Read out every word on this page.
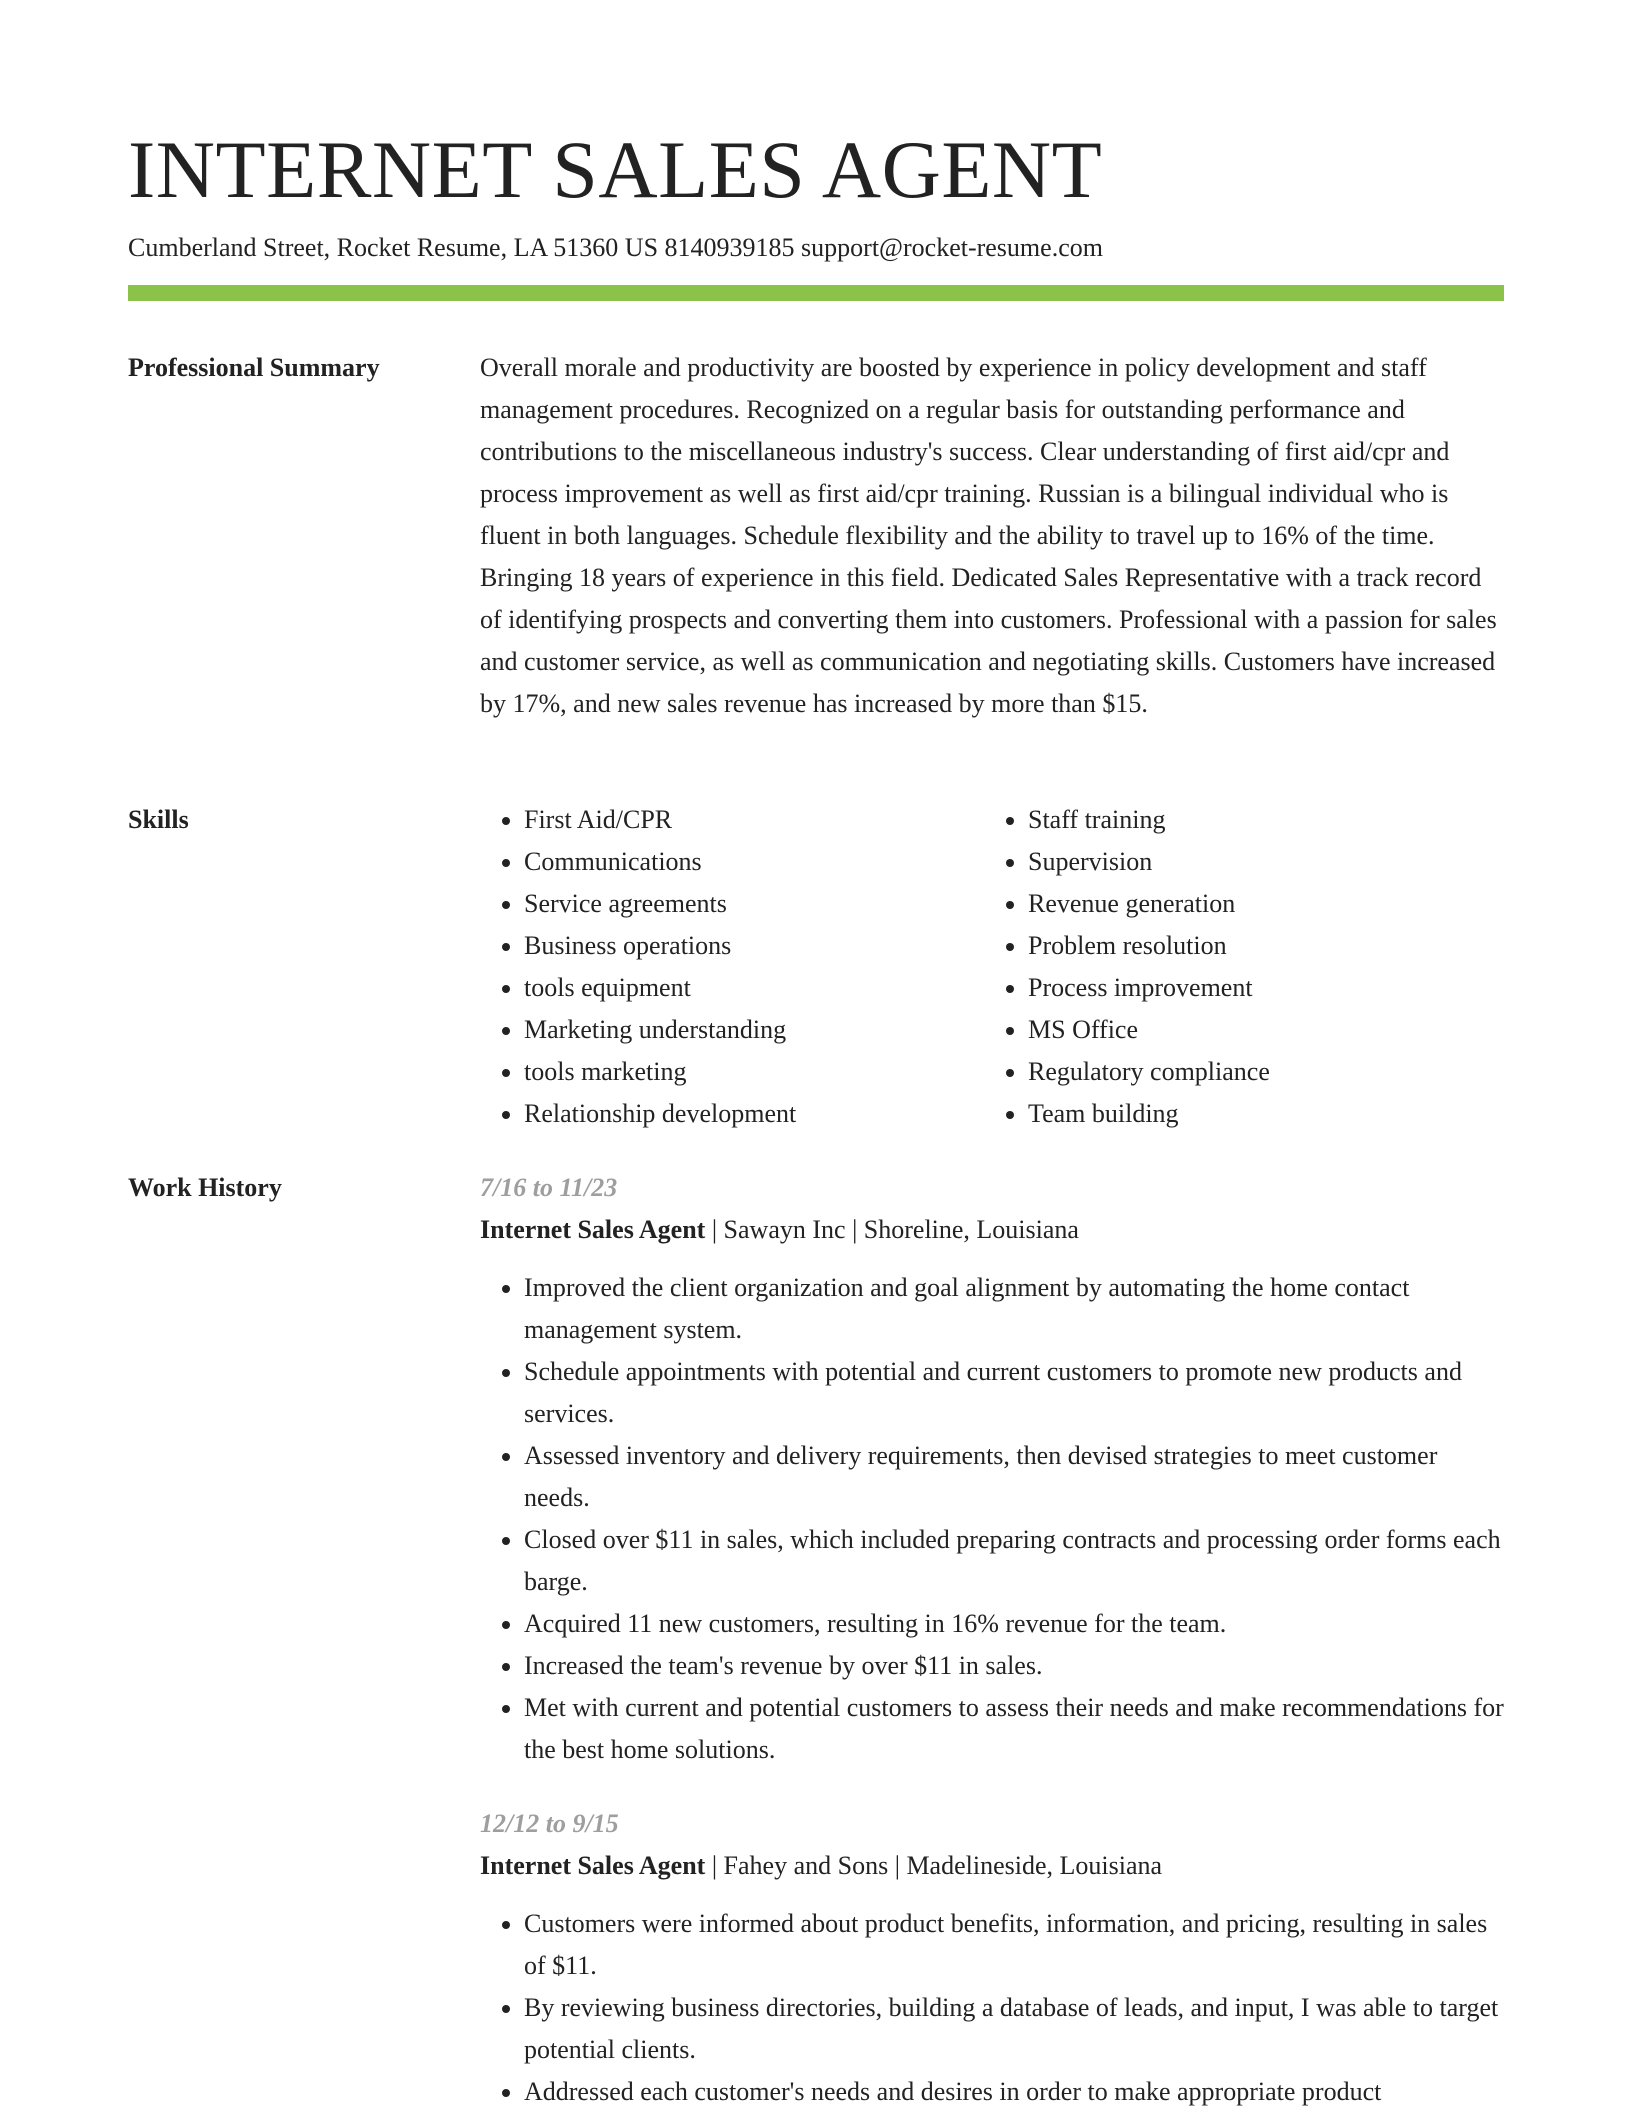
INTERNET SALES AGENT
Cumberland Street, Rocket Resume, LA 51360 US 8140939185 support@rocket-resume.com
Professional Summary	Overall morale and productivity are boosted by experience in policy development and staff management procedures. Recognized on a regular basis for outstanding performance and contributions to the miscellaneous industry's success. Clear understanding of first aid/cpr and process improvement as well as first aid/cpr training. Russian is a bilingual individual who is fluent in both languages. Schedule flexibility and the ability to travel up to 16% of the time. Bringing 18 years of experience in this field. Dedicated Sales Representative with a track record of identifying prospects and converting them into customers. Professional with a passion for sales and customer service, as well as communication and negotiating skills. Customers have increased by 17%, and new sales revenue has increased by more than $15.

Skills
•	First Aid/CPR
• Communications
• Service agreements
• Business operations
• tools equipment
• Marketing understanding
• tools marketing
• Relationship development
• Staff training
• Supervision
• Revenue generation
• Problem resolution
• Process improvement
• MS Office
• Regulatory compliance
• Team building
Work History	7/16 to 11/23
Internet Sales Agent | Sawayn Inc | Shoreline, Louisiana
• Improved the client organization and goal alignment by automating the home contact management system.
• Schedule appointments with potential and current customers to promote new products and services.
• Assessed inventory and delivery requirements, then devised strategies to meet customer needs.
• Closed over $11 in sales, which included preparing contracts and processing order forms each barge.
• Acquired 11 new customers, resulting in 16% revenue for the team.
• Increased the team's revenue by over $11 in sales.
• Met with current and potential customers to assess their needs and make recommendations for the best home solutions.
12/12 to 9/15
Internet Sales Agent | Fahey and Sons | Madelineside, Louisiana
• Customers were informed about product benefits, information, and pricing, resulting in sales of $11.
• By reviewing business directories, building a database of leads, and input, I was able to target potential clients.
• Addressed each customer's needs and desires in order to make appropriate product
